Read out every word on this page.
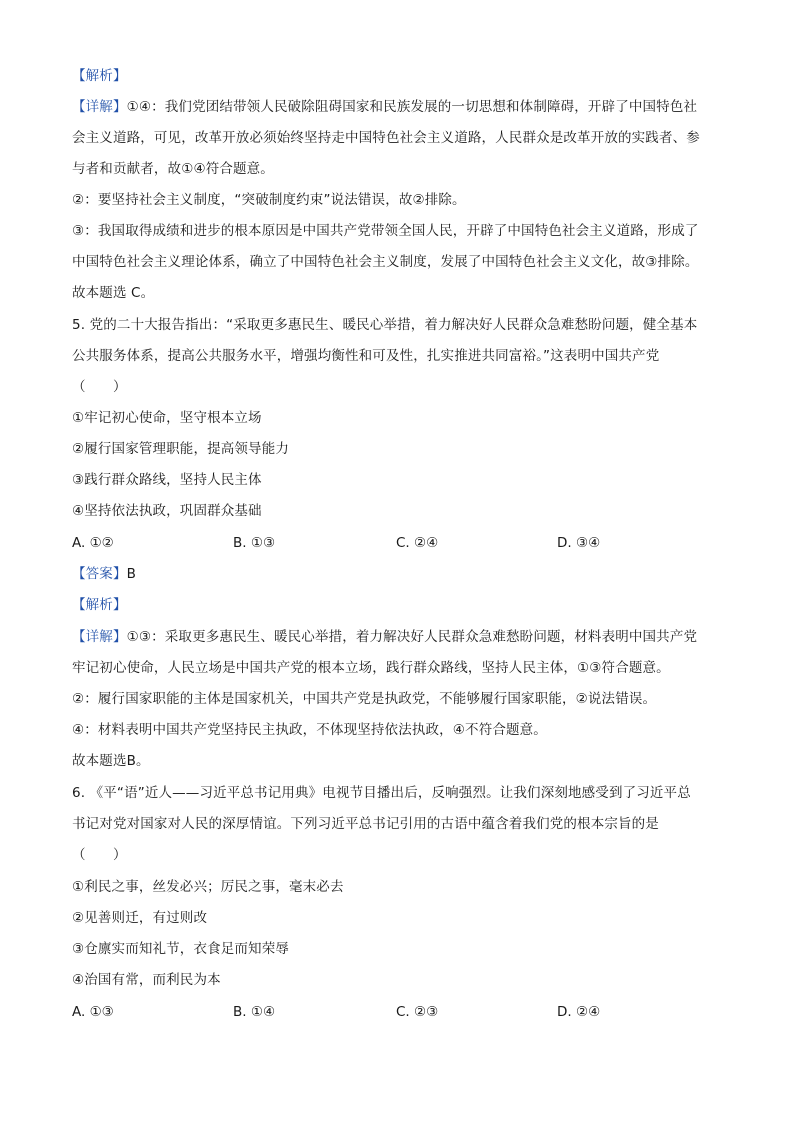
【解析】
【详解】①④：我们党团结带领人民破除阻碍国家和民族发展的一切思想和体制障碍，开辟了中国特色社
会主义道路，可见，改革开放必须始终坚持走中国特色社会主义道路，人民群众是改革开放的实践者、参
与者和贡献者，故①④符合题意。
②：要坚持社会主义制度，“突破制度约束”说法错误，故②排除。
③：我国取得成绩和进步的根本原因是中国共产党带领全国人民，开辟了中国特色社会主义道路，形成了
中国特色社会主义理论体系，确立了中国特色社会主义制度，发展了中国特色社会主义文化，故③排除。
故本题选 C。
5. 党的二十大报告指出：“采取更多惠民生、暖民心举措，着力解决好人民群众急难愁盼问题，健全基本
公共服务体系，提高公共服务水平，增强均衡性和可及性，扎实推进共同富裕。”这表明中国共产党
（　　）
①牢记初心使命，坚守根本立场
②履行国家管理职能，提高领导能力
③践行群众路线，坚持人民主体
④坚持依法执政，巩固群众基础
A. ①②	B. ①③	C. ②④	D. ③④
【答案】B
【解析】
【详解】①③：采取更多惠民生、暖民心举措，着力解决好人民群众急难愁盼问题，材料表明中国共产党
牢记初心使命，人民立场是中国共产党的根本立场，践行群众路线，坚持人民主体，①③符合题意。
②：履行国家职能的主体是国家机关，中国共产党是执政党，不能够履行国家职能，②说法错误。
④：材料表明中国共产党坚持民主执政，不体现坚持依法执政，④不符合题意。
故本题选B。
6. 《平“语”近人——习近平总书记用典》电视节目播出后，反响强烈。让我们深刻地感受到了习近平总
书记对党对国家对人民的深厚情谊。下列习近平总书记引用的古语中蕴含着我们党的根本宗旨的是
（　　）
①利民之事，丝发必兴；厉民之事，毫末必去
②见善则迁，有过则改
③仓廪实而知礼节，衣食足而知荣辱
④治国有常，而利民为本
A. ①③	B. ①④	C. ②③	D. ②④
